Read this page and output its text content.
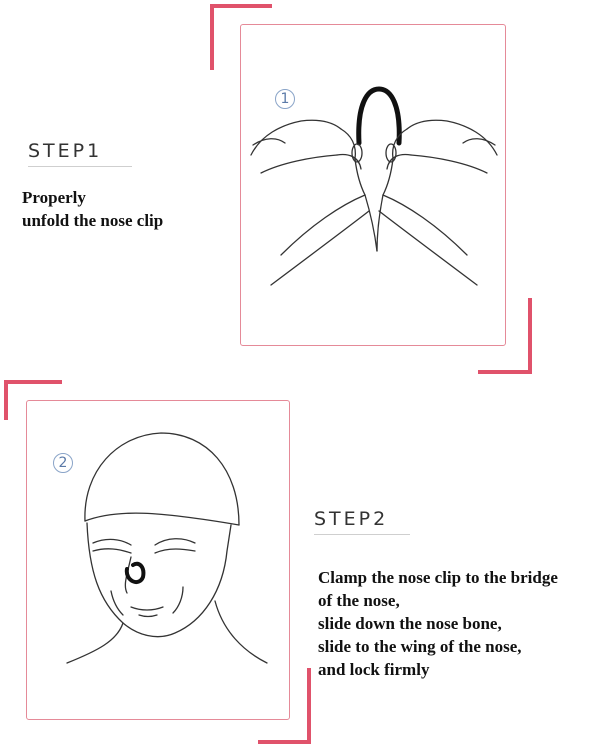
1
STEP1
Properly
unfold the nose clip
2
STEP2
Clamp the nose clip to the bridge
of the nose,
slide down the nose bone,
slide to the wing of the nose,
and lock firmly
